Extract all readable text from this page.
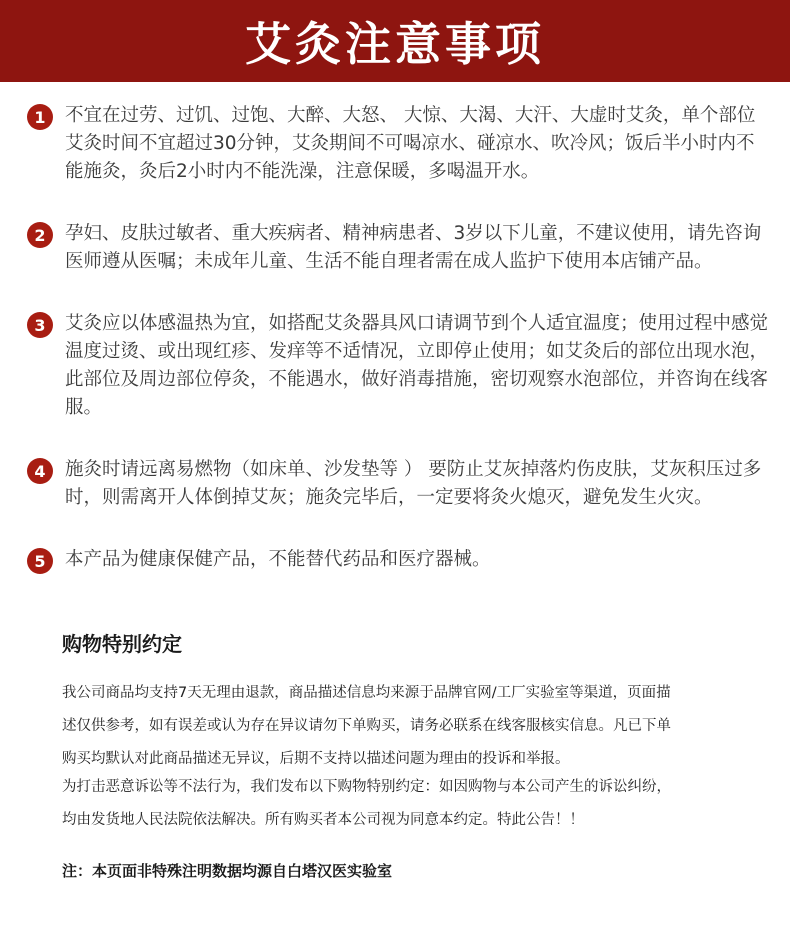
艾灸注意事项
1	不宜在过劳、过饥、过饱、大醉、大怒、 大惊、大渴、大汗、大虚时艾灸，单个部位艾灸时间不宜超过30分钟，艾灸期间不可喝凉水、碰凉水、吹冷风；饭后半小时内不能施灸，灸后2小时内不能洗澡，注意保暖，多喝温开水。

2	孕妇、皮肤过敏者、重大疾病者、精神病患者、3岁以下儿童，不建议使用，请先咨询医师遵从医嘱；未成年儿童、生活不能自理者需在成人监护下使用本店铺产品。

3	艾灸应以体感温热为宜，如搭配艾灸器具风口请调节到个人适宜温度；使用过程中感觉温度过烫、或出现红疹、发痒等不适情况，立即停止使用；如艾灸后的部位出现水泡，此部位及周边部位停灸，不能遇水，做好消毒措施，密切观察水泡部位，并咨询在线客服。

4	施灸时请远离易燃物（如床单、沙发垫等 ） 要防止艾灰掉落灼伤皮肤，艾灰积压过多时，则需离开人体倒掉艾灰；施灸完毕后，一定要将灸火熄灭，避免发生火灾。

5	本产品为健康保健产品，不能替代药品和医疗器械。

购物特别约定

我公司商品均支持7天无理由退款，商品描述信息均来源于品牌官网/工厂实验室等渠道，页面描

述仅供参考，如有误差或认为存在异议请勿下单购买，请务必联系在线客服核实信息。凡已下单

购买均默认对此商品描述无异议，后期不支持以描述问题为理由的投诉和举报。

为打击恶意诉讼等不法行为，我们发布以下购物特别约定：如因购物与本公司产生的诉讼纠纷，

均由发货地人民法院依法解决。所有购买者本公司视为同意本约定。特此公告！！

注：本页面非特殊注明数据均源自白塔汉医实验室
